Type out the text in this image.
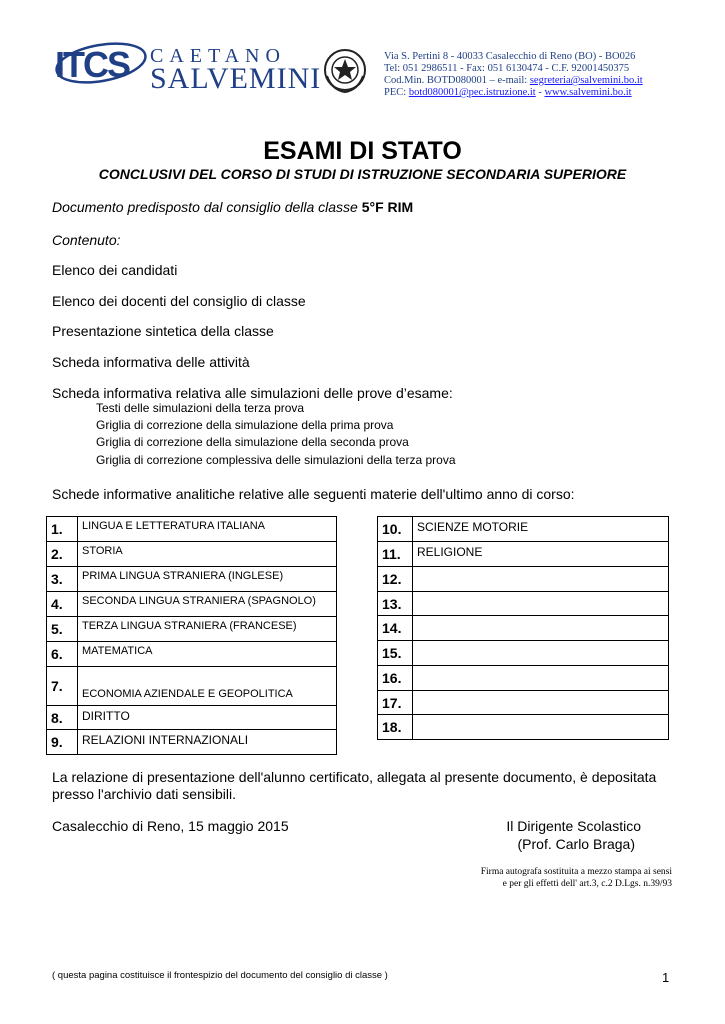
ITCS CAETANO
SALVEMINI
Via S. Pertini 8 - 40033 Casalecchio di Reno (BO) - BO026
Tel: 051 2986511 - Fax: 051 6130474 - C.F. 92001450375
Cod.Min. BOTD080001 – e-mail: segreteria@salvemini.bo.it
PEC: botd080001@pec.istruzione.it - www.salvemini.bo.it
ESAMI DI STATO
CONCLUSIVI DEL CORSO DI STUDI DI ISTRUZIONE SECONDARIA SUPERIORE
Documento predisposto dal consiglio della classe 5°F RIM
Contenuto:
Elenco dei candidati
Elenco dei docenti del consiglio di classe
Presentazione sintetica della classe
Scheda informativa delle attività
Scheda informativa relativa alle simulazioni delle prove d’esame:
Testi delle simulazioni della terza prova
Griglia di correzione della simulazione della prima prova
Griglia di correzione della simulazione della seconda prova
Griglia di correzione complessiva delle simulazioni della terza prova
Schede informative analitiche relative alle seguenti materie dell'ultimo anno di corso:
1.	LINGUA E LETTERATURA ITALIANA
2.	STORIA
3.	PRIMA LINGUA STRANIERA (INGLESE)
4.	SECONDA LINGUA STRANIERA (SPAGNOLO)
5.	TERZA LINGUA STRANIERA (FRANCESE)
6.	MATEMATICA
7.	ECONOMIA AZIENDALE E GEOPOLITICA
8.	DIRITTO
9.	RELAZIONI INTERNAZIONALI
10.	SCIENZE MOTORIE
11.	RELIGIONE
12.	
13.	
14.	
15.	
16.	
17.	
18.	
La relazione di presentazione dell'alunno certificato, allegata al presente documento, è depositata
presso l'archivio dati sensibili.
Casalecchio di Reno, 15 maggio 2015	Il Dirigente Scolastico
(Prof. Carlo Braga)
Firma autografa sostituita a mezzo stampa ai sensi
e per gli effetti dell' art.3, c.2 D.Lgs. n.39/93
( questa pagina costituisce il frontespizio del documento del consiglio di classe )	1
